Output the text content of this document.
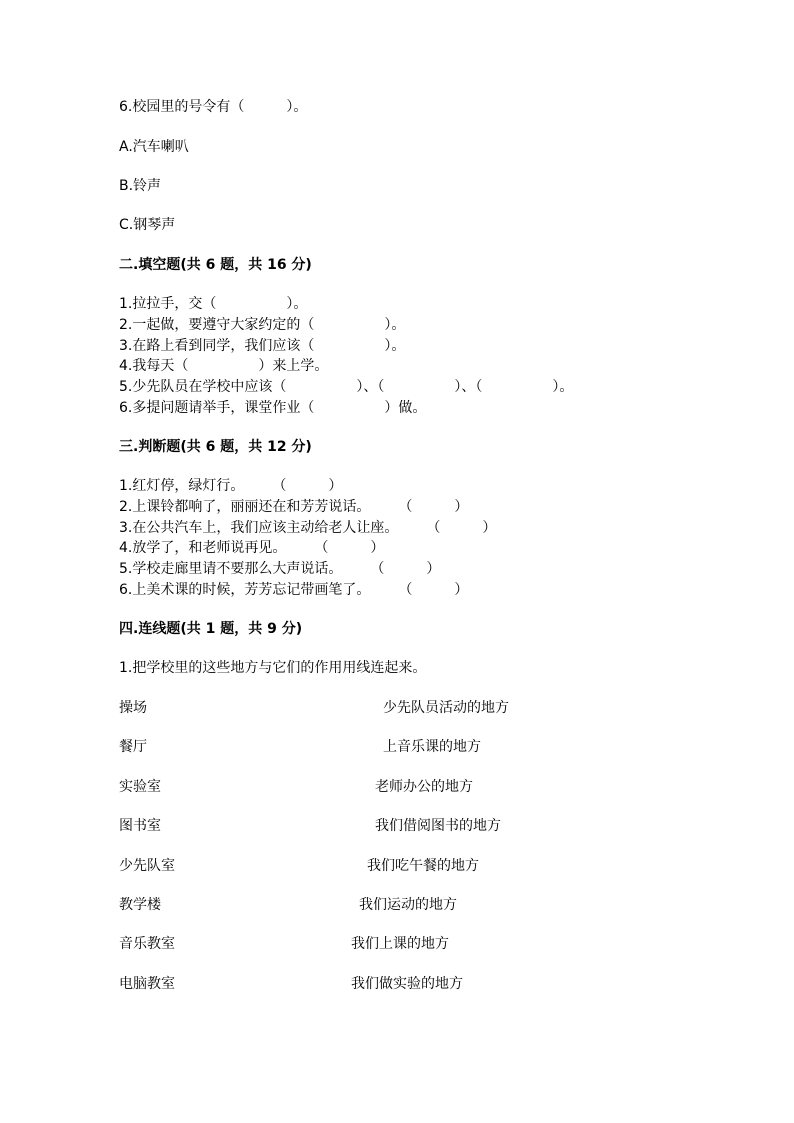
6.校园里的号令有（　　　）。
A.汽车喇叭
B.铃声
C.钢琴声
二.填空题(共 6 题，共 16 分)
1.拉拉手，交（　　　　　）。
2.一起做，要遵守大家约定的（　　　　　）。
3.在路上看到同学，我们应该（　　　　　）。
4.我每天（　　　　　）来上学。
5.少先队员在学校中应该（　　　　　）、（　　　　　）、（　　　　　）。
6.多提问题请举手，课堂作业（　　　　　）做。
三.判断题(共 6 题，共 12 分)
1.红灯停，绿灯行。　　　（　　　）
2.上课铃都响了，丽丽还在和芳芳说话。　　　（　　　）
3.在公共汽车上，我们应该主动给老人让座。　　　（　　　）
4.放学了，和老师说再见。　　　（　　　）
5.学校走廊里请不要那么大声说话。　　　（　　　）
6.上美术课的时候，芳芳忘记带画笔了。　　　（　　　）
四.连线题(共 1 题，共 9 分)
1.把学校里的这些地方与它们的作用用线连起来。
操场
餐厅
实验室
图书室
少先队室
教学楼
音乐教室
电脑教室
少先队员活动的地方
上音乐课的地方
老师办公的地方
我们借阅图书的地方
我们吃午餐的地方
我们运动的地方
我们上课的地方
我们做实验的地方
